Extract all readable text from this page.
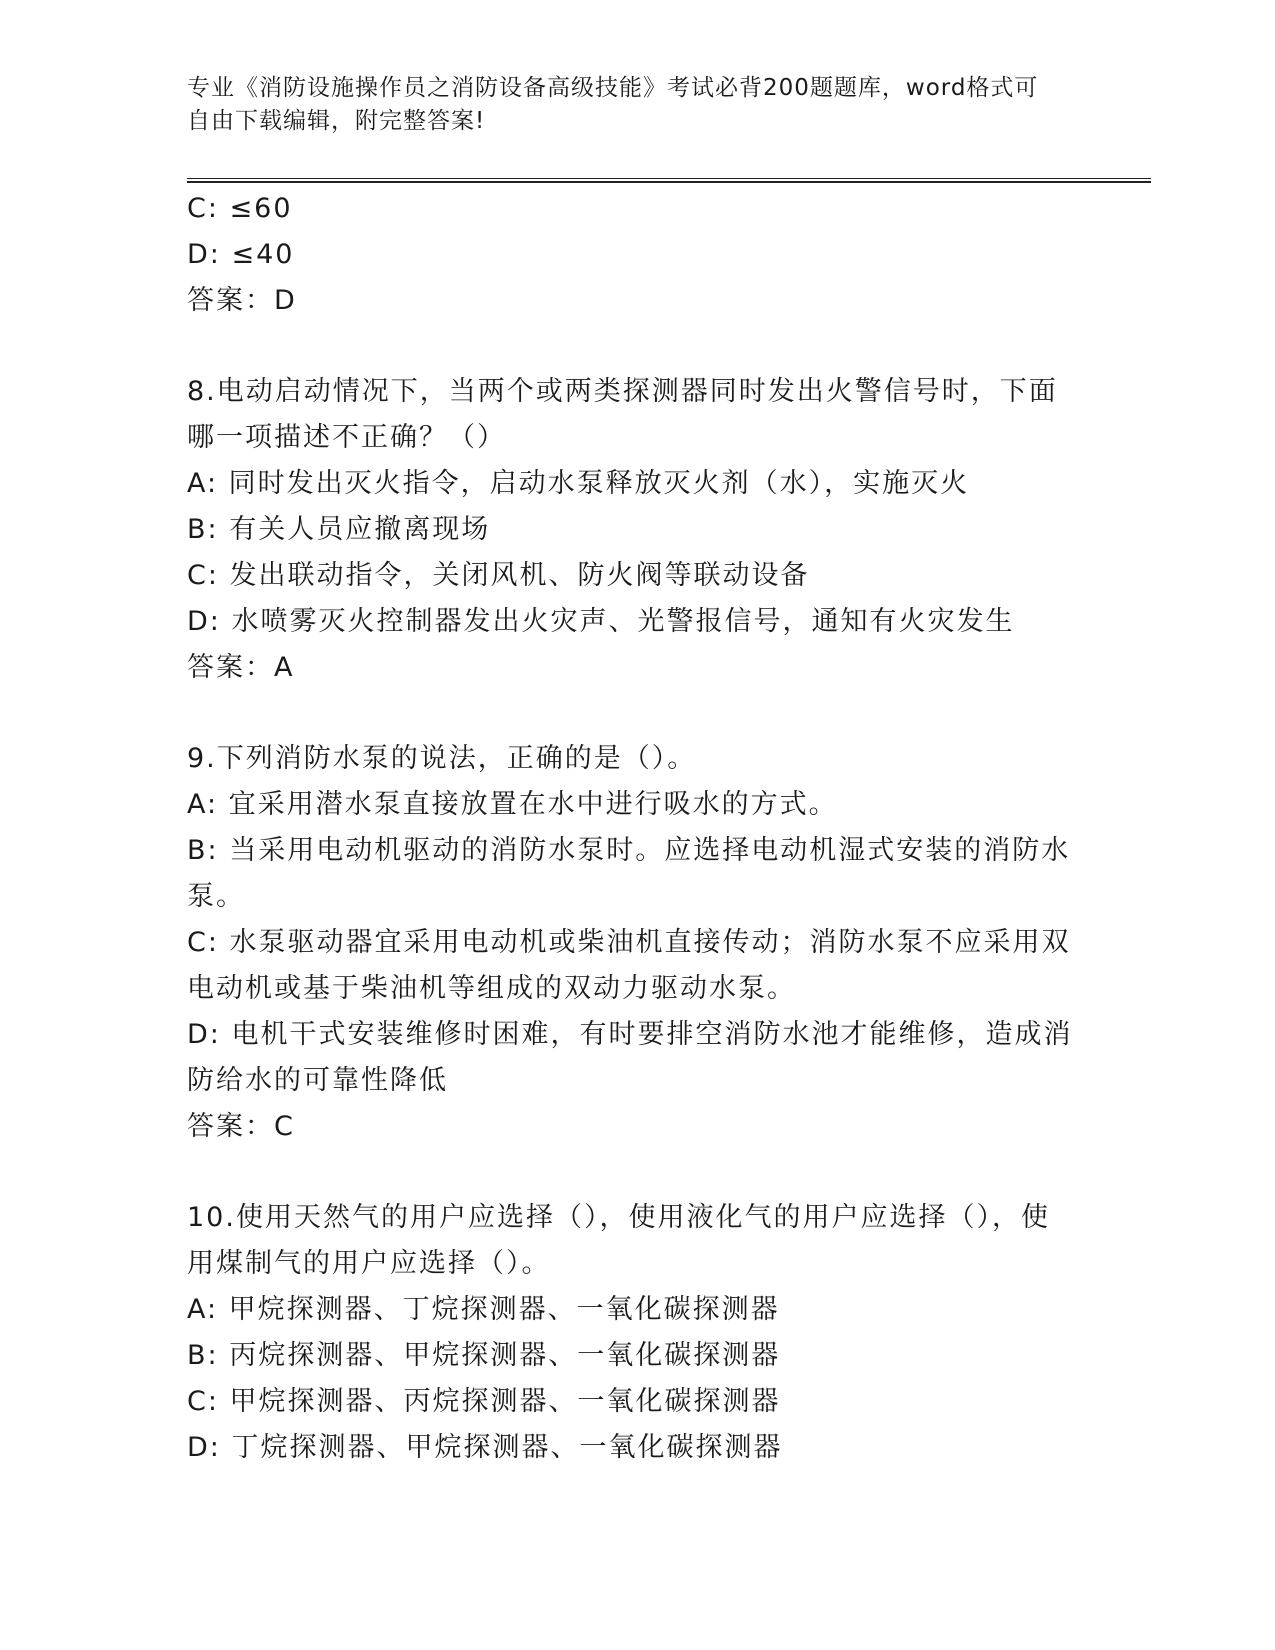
专业《消防设施操作员之消防设备高级技能》考试必背200题题库，word格式可
自由下载编辑，附完整答案!
C: ≤60
D: ≤40
答案：D
8.电动启动情况下，当两个或两类探测器同时发出火警信号时，下面
哪一项描述不正确？（）
A: 同时发出灭火指令，启动水泵释放灭火剂（水），实施灭火
B: 有关人员应撤离现场
C: 发出联动指令，关闭风机、防火阀等联动设备
D: 水喷雾灭火控制器发出火灾声、光警报信号，通知有火灾发生
答案：A
9.下列消防水泵的说法，正确的是（）。
A: 宜采用潜水泵直接放置在水中进行吸水的方式。
B: 当采用电动机驱动的消防水泵时。应选择电动机湿式安装的消防水
泵。
C: 水泵驱动器宜采用电动机或柴油机直接传动；消防水泵不应采用双
电动机或基于柴油机等组成的双动力驱动水泵。
D: 电机干式安装维修时困难，有时要排空消防水池才能维修，造成消
防给水的可靠性降低
答案：C
10.使用天然气的用户应选择（），使用液化气的用户应选择（），使
用煤制气的用户应选择（）。
A: 甲烷探测器、丁烷探测器、一氧化碳探测器
B: 丙烷探测器、甲烷探测器、一氧化碳探测器
C: 甲烷探测器、丙烷探测器、一氧化碳探测器
D: 丁烷探测器、甲烷探测器、一氧化碳探测器
